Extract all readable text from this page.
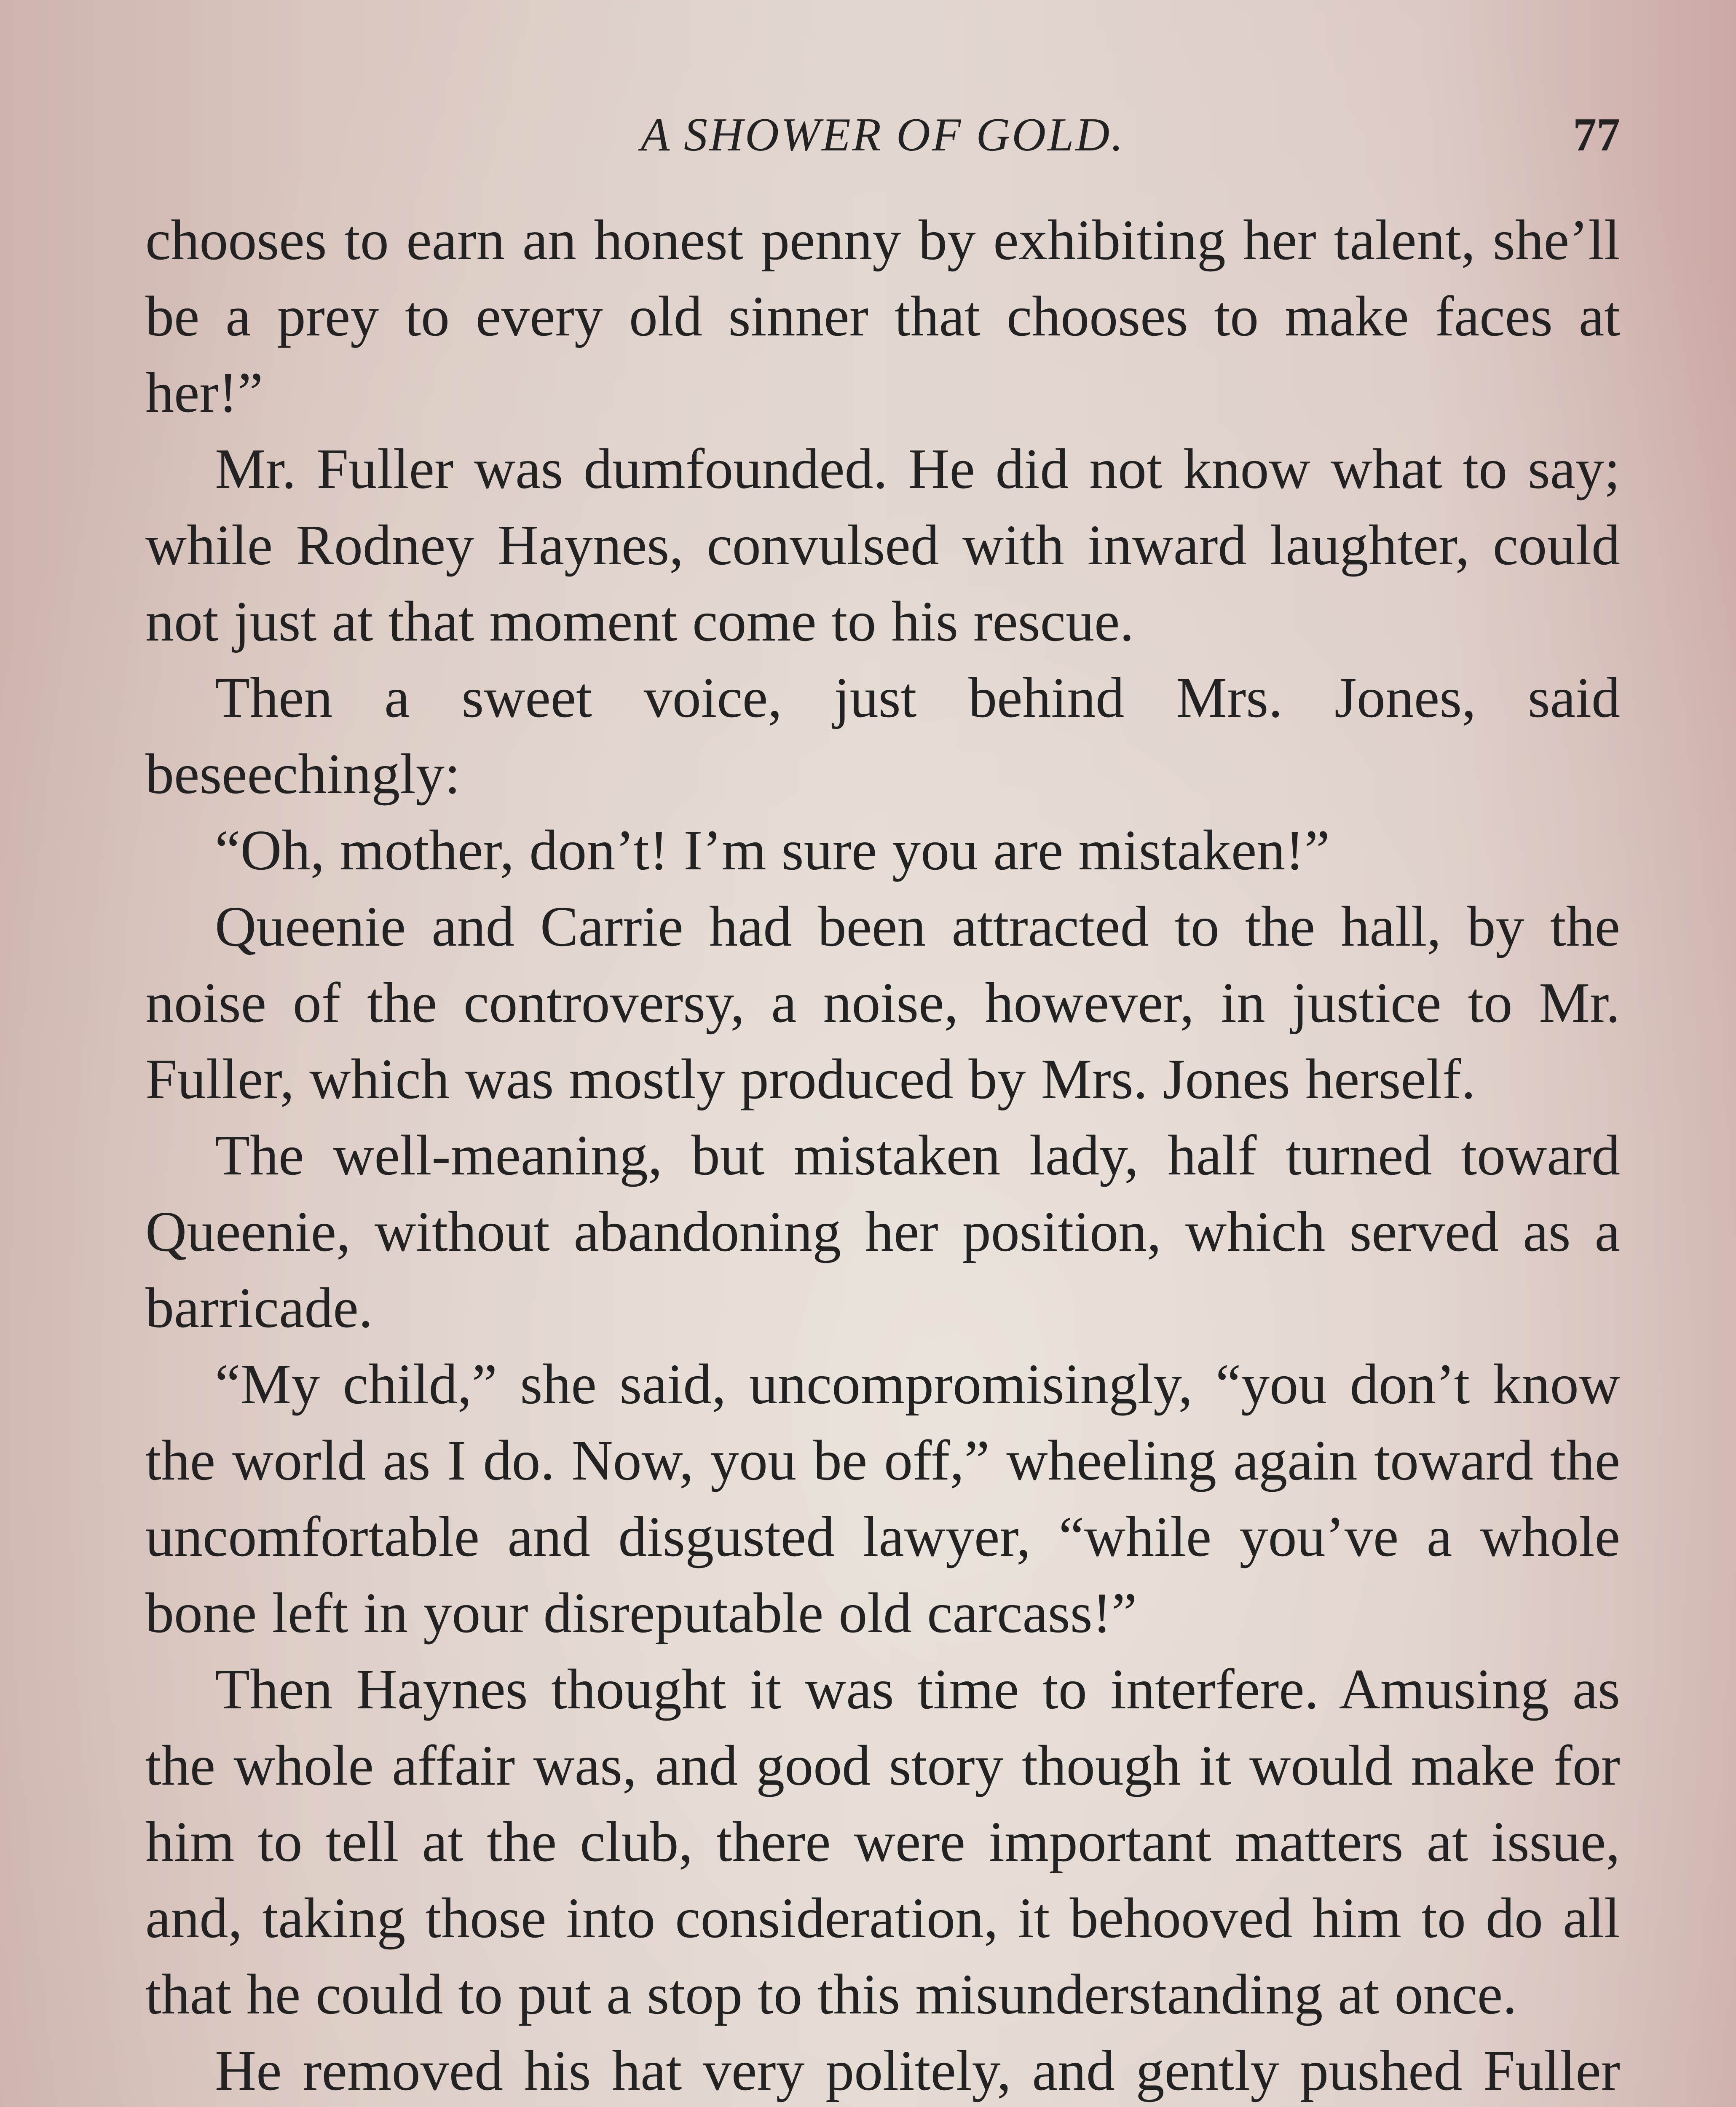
A SHOWER OF GOLD.	77

chooses to earn an honest penny by exhibiting her talent, she’ll be a prey to every old sinner that chooses to make faces at her!”

Mr. Fuller was dumfounded. He did not know what to say; while Rodney Haynes, convulsed with inward laughter, could not just at that moment come to his rescue.

Then a sweet voice, just behind Mrs. Jones, said beseechingly:

“Oh, mother, don’t! I’m sure you are mistaken!”

Queenie and Carrie had been attracted to the hall, by the noise of the controversy, a noise, however, in justice to Mr. Fuller, which was mostly produced by Mrs. Jones herself.

The well-meaning, but mistaken lady, half turned toward Queenie, without abandoning her position, which served as a barricade.

“My child,” she said, uncompromisingly, “you don’t know the world as I do. Now, you be off,” wheeling again toward the uncomfortable and disgusted lawyer, “while you’ve a whole bone left in your disreputable old carcass!”

Then Haynes thought it was time to interfere. Amusing as the whole affair was, and good story though it would make for him to tell at the club, there were important matters at issue, and, taking those into consideration, it behooved him to do all that he could to put a stop to this misunderstanding at once.

He removed his hat very politely, and gently pushed Fuller
